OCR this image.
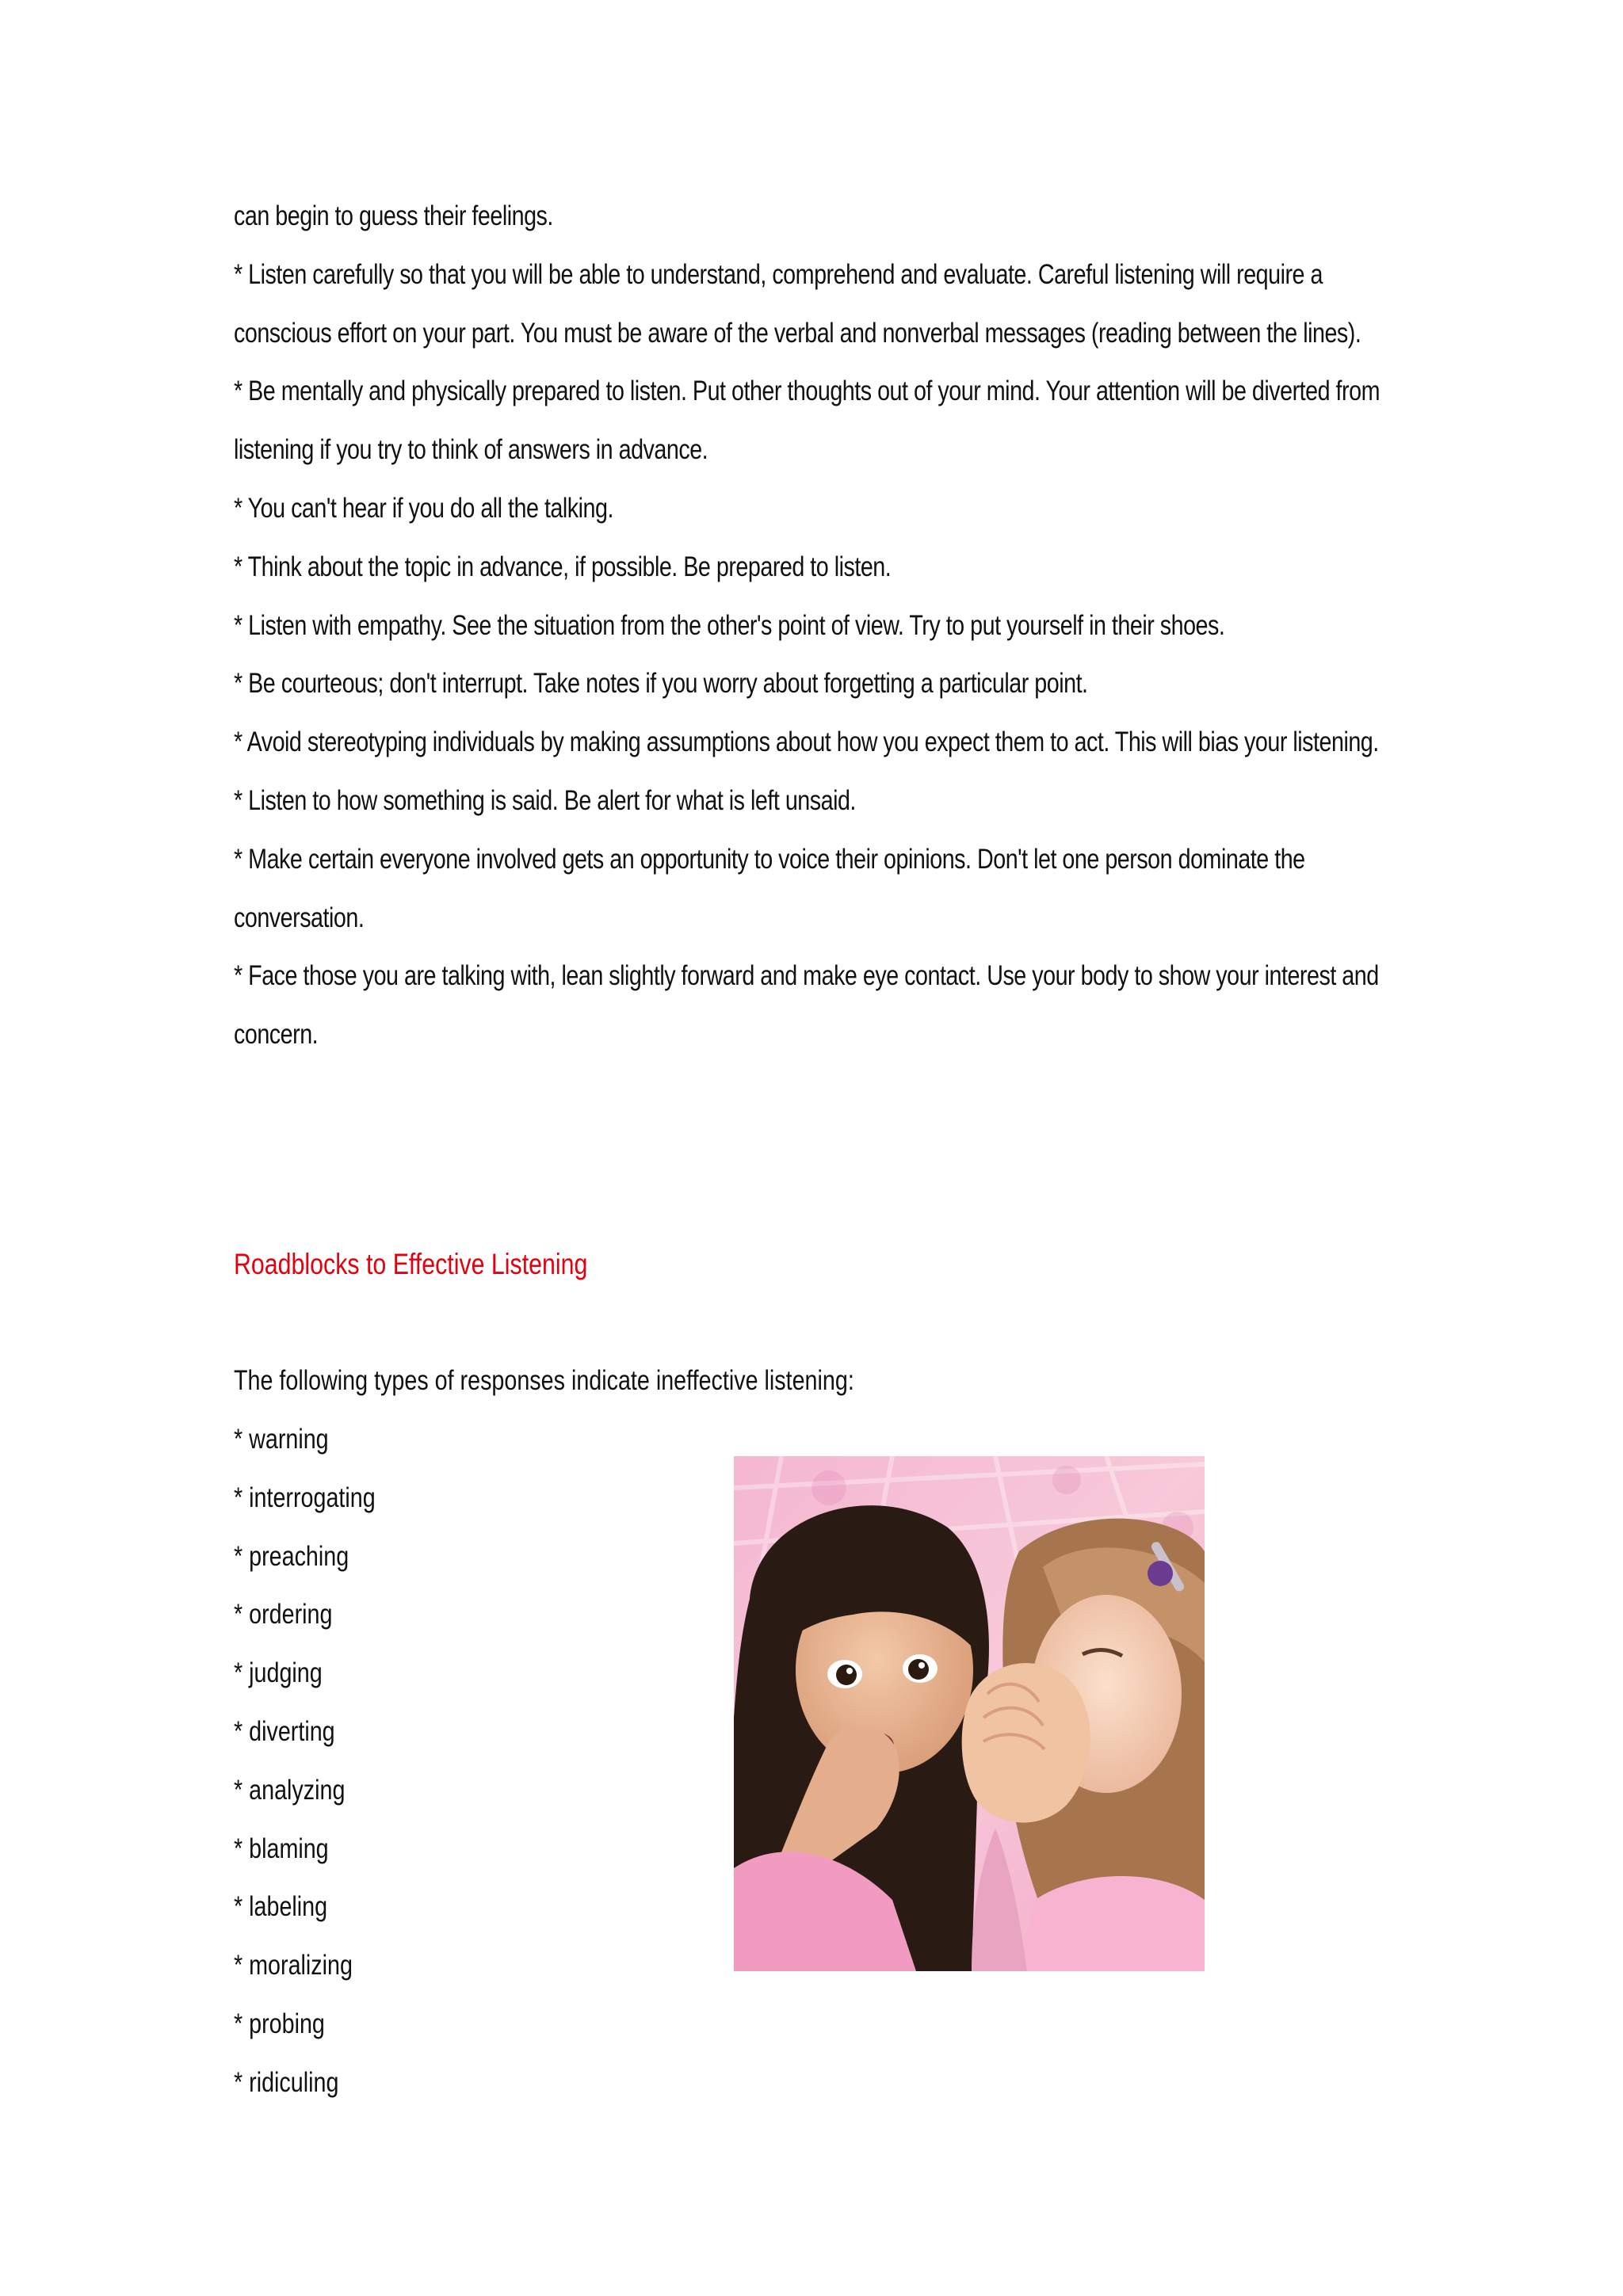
can begin to guess their feelings.

* Listen carefully so that you will be able to understand, comprehend and evaluate. Careful listening will require a conscious effort on your part. You must be aware of the verbal and nonverbal messages (reading between the lines).

* Be mentally and physically prepared to listen. Put other thoughts out of your mind. Your attention will be diverted from listening if you try to think of answers in advance.

* You can't hear if you do all the talking.

* Think about the topic in advance, if possible. Be prepared to listen.

* Listen with empathy. See the situation from the other's point of view. Try to put yourself in their shoes.

* Be courteous; don't interrupt. Take notes if you worry about forgetting a particular point.

* Avoid stereotyping individuals by making assumptions about how you expect them to act. This will bias your listening.

* Listen to how something is said. Be alert for what is left unsaid.

* Make certain everyone involved gets an opportunity to voice their opinions. Don't let one person dominate the conversation.

* Face those you are talking with, lean slightly forward and make eye contact. Use your body to show your interest and concern.

Roadblocks to Effective Listening

The following types of responses indicate ineffective listening:

* warning
* interrogating
* preaching
* ordering
* judging
* diverting
* analyzing
* blaming
* labeling
* moralizing
* probing
* ridiculing
